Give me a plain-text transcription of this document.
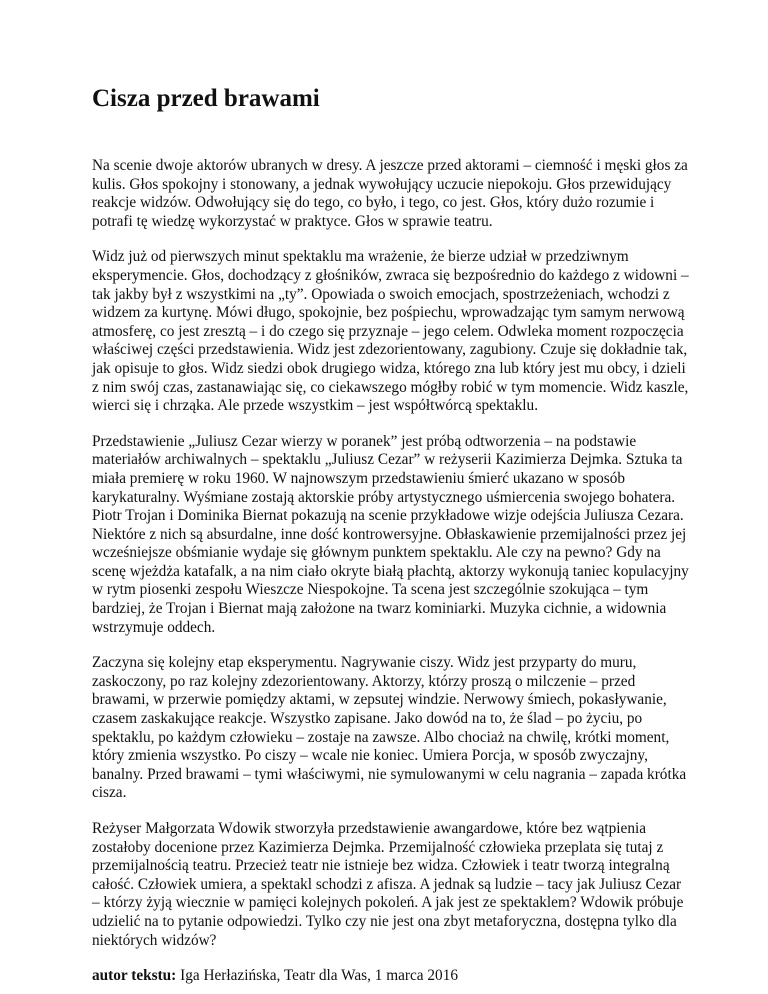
Cisza przed brawami

Na scenie dwoje aktorów ubranych w dresy. A jeszcze przed aktorami – ciemność i męski głos za kulis. Głos spokojny i stonowany, a jednak wywołujący uczucie niepokoju. Głos przewidujący reakcje widzów. Odwołujący się do tego, co było, i tego, co jest. Głos, który dużo rozumie i potrafi tę wiedzę wykorzystać w praktyce. Głos w sprawie teatru.

Widz już od pierwszych minut spektaklu ma wrażenie, że bierze udział w przedziwnym eksperymencie. Głos, dochodzący z głośników, zwraca się bezpośrednio do każdego z widowni – tak jakby był z wszystkimi na „ty”. Opowiada o swoich emocjach, spostrzeżeniach, wchodzi z widzem za kurtynę. Mówi długo, spokojnie, bez pośpiechu, wprowadzając tym samym nerwową atmosferę, co jest zresztą – i do czego się przyznaje – jego celem. Odwleka moment rozpoczęcia właściwej części przedstawienia. Widz jest zdezorientowany, zagubiony. Czuje się dokładnie tak, jak opisuje to głos. Widz siedzi obok drugiego widza, którego zna lub który jest mu obcy, i dzieli z nim swój czas, zastanawiając się, co ciekawszego mógłby robić w tym momencie. Widz kaszle, wierci się i chrząka. Ale przede wszystkim – jest współtwórcą spektaklu.

Przedstawienie „Juliusz Cezar wierzy w poranek” jest próbą odtworzenia – na podstawie materiałów archiwalnych – spektaklu „Juliusz Cezar” w reżyserii Kazimierza Dejmka. Sztuka ta miała premierę w roku 1960. W najnowszym przedstawieniu śmierć ukazano w sposób karykaturalny. Wyśmiane zostają aktorskie próby artystycznego uśmiercenia swojego bohatera. Piotr Trojan i Dominika Biernat pokazują na scenie przykładowe wizje odejścia Juliusza Cezara. Niektóre z nich są absurdalne, inne dość kontrowersyjne. Obłaskawienie przemijalności przez jej wcześniejsze obśmianie wydaje się głównym punktem spektaklu. Ale czy na pewno? Gdy na scenę wjeżdża katafalk, a na nim ciało okryte białą płachtą, aktorzy wykonują taniec kopulacyjny w rytm piosenki zespołu Wieszcze Niespokojne. Ta scena jest szczególnie szokująca – tym bardziej, że Trojan i Biernat mają założone na twarz kominiarki. Muzyka cichnie, a widownia wstrzymuje oddech.

Zaczyna się kolejny etap eksperymentu. Nagrywanie ciszy. Widz jest przyparty do muru, zaskoczony, po raz kolejny zdezorientowany. Aktorzy, którzy proszą o milczenie – przed brawami, w przerwie pomiędzy aktami, w zepsutej windzie. Nerwowy śmiech, pokasływanie, czasem zaskakujące reakcje. Wszystko zapisane. Jako dowód na to, że ślad – po życiu, po spektaklu, po każdym człowieku – zostaje na zawsze. Albo chociaż na chwilę, krótki moment, który zmienia wszystko. Po ciszy – wcale nie koniec. Umiera Porcja, w sposób zwyczajny, banalny. Przed brawami – tymi właściwymi, nie symulowanymi w celu nagrania – zapada krótka cisza.

Reżyser Małgorzata Wdowik stworzyła przedstawienie awangardowe, które bez wątpienia zostałoby docenione przez Kazimierza Dejmka. Przemijalność człowieka przeplata się tutaj z przemijalnością teatru. Przecież teatr nie istnieje bez widza. Człowiek i teatr tworzą integralną całość. Człowiek umiera, a spektakl schodzi z afisza. A jednak są ludzie – tacy jak Juliusz Cezar – którzy żyją wiecznie w pamięci kolejnych pokoleń. A jak jest ze spektaklem? Wdowik próbuje udzielić na to pytanie odpowiedzi. Tylko czy nie jest ona zbyt metaforyczna, dostępna tylko dla niektórych widzów?

autor tekstu: Iga Herłazińska, Teatr dla Was, 1 marca 2016
